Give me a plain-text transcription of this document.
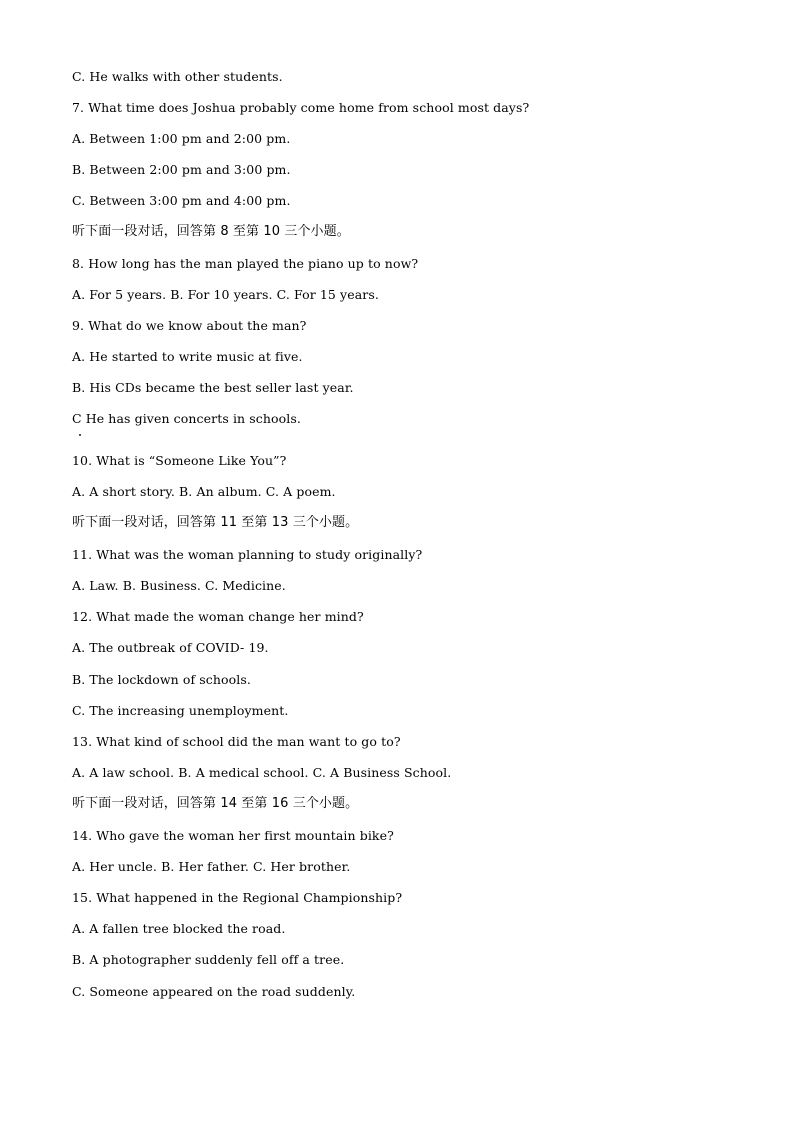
C. He walks with other students.
7. What time does Joshua probably come home from school most days?
A. Between 1:00 pm and 2:00 pm.
B. Between 2:00 pm and 3:00 pm.
C. Between 3:00 pm and 4:00 pm.
听下面一段对话，回答第 8 至第 10 三个小题。
8. How long has the man played the piano up to now?
A. For 5 years. B. For 10 years. C. For 15 years.
9. What do we know about the man?
A. He started to write music at five.
B. His CDs became the best seller last year.
C He has given concerts in schools.
10. What is “Someone Like You”?
A. A short story. B. An album. C. A poem.
听下面一段对话，回答第 11 至第 13 三个小题。
11. What was the woman planning to study originally?
A. Law. B. Business. C. Medicine.
12. What made the woman change her mind?
A. The outbreak of COVID- 19.
B. The lockdown of schools.
C. The increasing unemployment.
13. What kind of school did the man want to go to?
A. A law school. B. A medical school. C. A Business School.
听下面一段对话，回答第 14 至第 16 三个小题。
14. Who gave the woman her first mountain bike?
A. Her uncle. B. Her father. C. Her brother.
15. What happened in the Regional Championship?
A. A fallen tree blocked the road.
B. A photographer suddenly fell off a tree.
C. Someone appeared on the road suddenly.
